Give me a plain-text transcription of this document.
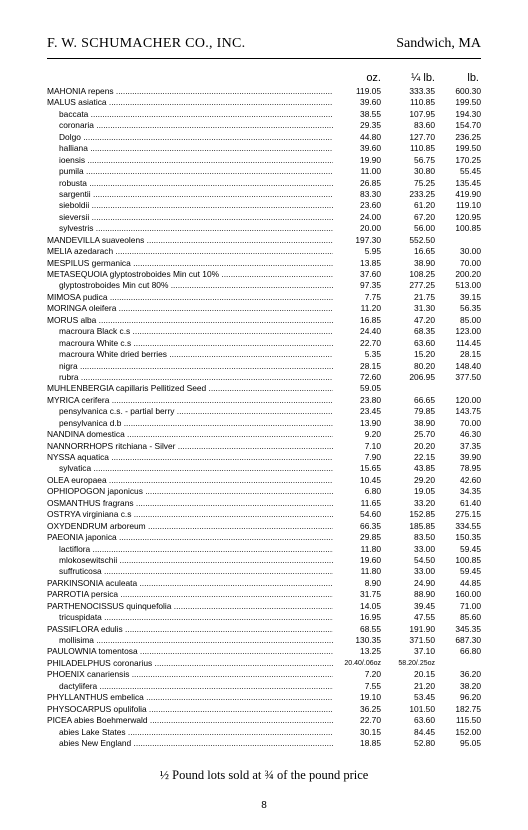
F. W. SCHUMACHER CO., INC.	Sandwich, MA
oz.	¼ lb.	lb.
MAHONIA repens .....	119.05	333.35	600.30
MALUS asiatica .....	39.60	110.85	199.50
baccata .....	38.55	107.95	194.30
coronaria .....	29.35	83.60	154.70
Dolgo .....	44.80	127.70	236.25
halliana .....	39.60	110.85	199.50
ioensis .....	19.90	56.75	170.25
pumila .....	11.00	30.80	55.45
robusta .....	26.85	75.25	135.45
sargentii .....	83.30	233.25	419.90
sieboldii .....	23.60	61.20	119.10
sieversii .....	24.00	67.20	120.95
sylvestris .....	20.00	56.00	100.85
MANDEVILLA suaveolens .....	197.30	552.50
MELIA azedarach .....	5.95	16.65	30.00
MESPILUS germanica .....	13.85	38.90	70.00
METASEQUOIA glyptostroboides Min cut 10% .....	37.60	108.25	200.20
glyptostroboides Min cut 80% .....	97.35	277.25	513.00
MIMOSA pudica .....	7.75	21.75	39.15
MORINGA oleifera .....	11.20	31.30	56.35
MORUS alba .....	16.85	47.20	85.00
macroura Black c.s .....	24.40	68.35	123.00
macroura White c.s .....	22.70	63.60	114.45
macroura White dried berries .....	5.35	15.20	28.15
nigra .....	28.15	80.20	148.40
rubra .....	72.60	206.95	377.50
MUHLENBERGIA capillaris Pellitized Seed .....	59.05
MYRICA cerifera .....	23.80	66.65	120.00
pensylvanica c.s. - partial berry .....	23.45	79.85	143.75
pensylvanica d.b .....	13.90	38.90	70.00
NANDINA domestica .....	9.20	25.70	46.30
NANNORRHOPS ritchiana - Silver .....	7.10	20.20	37.35
NYSSA aquatica .....	7.90	22.15	39.90
sylvatica .....	15.65	43.85	78.95
OLEA europaea .....	10.45	29.20	42.60
OPHIOPOGON japonicus .....	6.80	19.05	34.35
OSMANTHUS fragrans .....	11.65	33.20	61.40
OSTRYA virginiana c.s .....	54.60	152.85	275.15
OXYDENDRUM arboreum .....	66.35	185.85	334.55
PAEONIA japonica .....	29.85	83.50	150.35
lactiflora .....	11.80	33.00	59.45
mlokosewitschii .....	19.60	54.50	100.85
suffruticosa .....	11.80	33.00	59.45
PARKINSONIA aculeata .....	8.90	24.90	44.85
PARROTIA persica .....	31.75	88.90	160.00
PARTHENOCISSUS quinquefolia .....	14.05	39.45	71.00
tricuspidata .....	16.95	47.55	85.60
PASSIFLORA edulis .....	68.55	191.90	345.35
mollisima .....	130.35	371.50	687.30
PAULOWNIA tomentosa .....	13.25	37.10	66.80
PHILADELPHUS coronarius .....	20.40/.06oz	58.20/.25oz
PHOENIX canariensis .....	7.20	20.15	36.20
dactylifera .....	7.55	21.20	38.20
PHYLLANTHUS embelica .....	19.10	53.45	96.20
PHYSOCARPUS opulifolia .....	36.25	101.50	182.75
PICEA abies Boehmerwald .....	22.70	63.60	115.50
abies Lake States .....	30.15	84.45	152.00
abies New England .....	18.85	52.80	95.05
½ Pound lots sold at ¾ of the pound price
8
